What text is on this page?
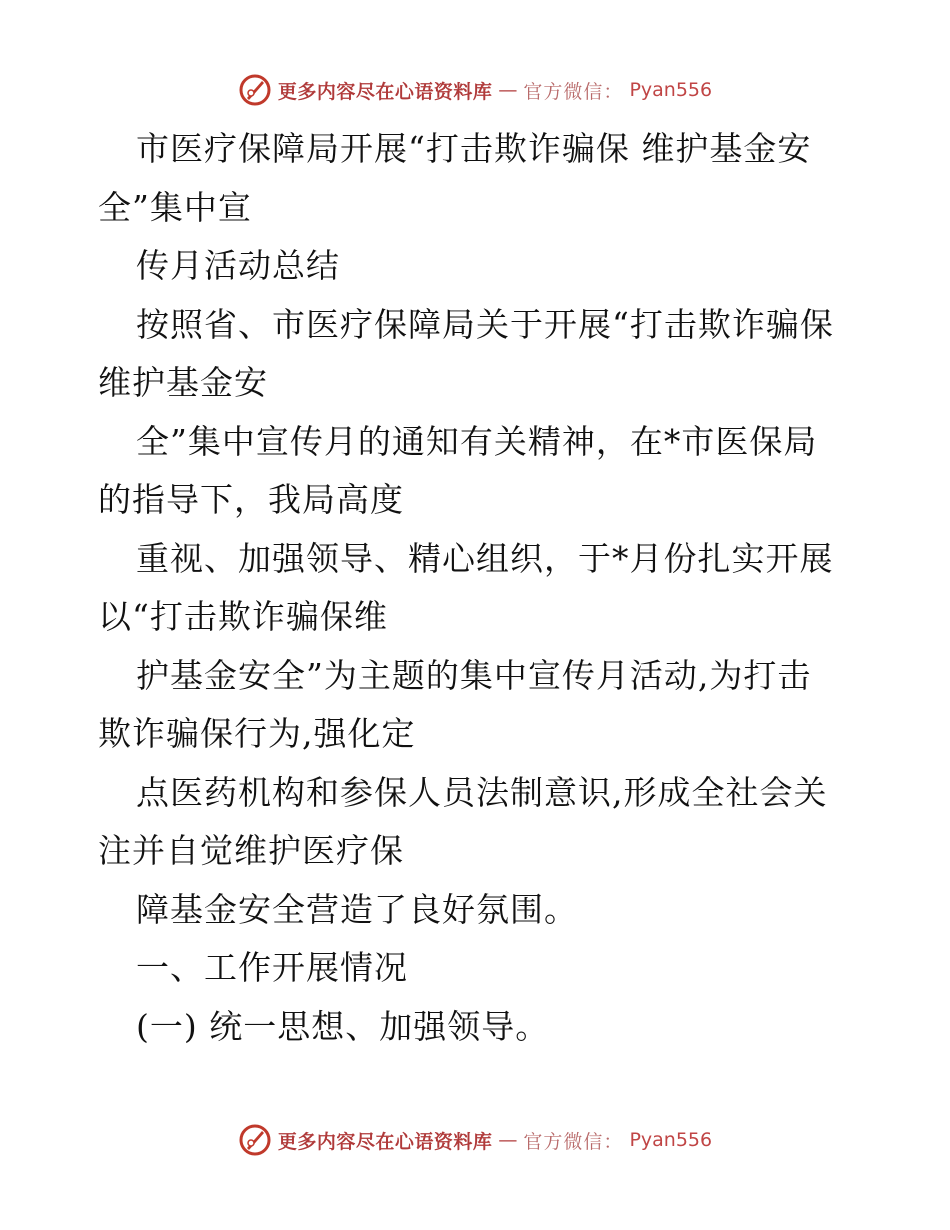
更多内容尽在心语资料库 — 官方微信： Pyan556
市医疗保障局开展“打击欺诈骗保 维护基金安
全”集中宣
传月活动总结
按照省、市医疗保障局关于开展“打击欺诈骗保
维护基金安
全”集中宣传月的通知有关精神，在*市医保局
的指导下，我局高度
重视、加强领导、精心组织，于*月份扎实开展
以“打击欺诈骗保维
护基金安全”为主题的集中宣传月活动,为打击
欺诈骗保行为,强化定
点医药机构和参保人员法制意识,形成全社会关
注并自觉维护医疗保
障基金安全营造了良好氛围。
一、工作开展情况
(一) 统一思想、加强领导。
更多内容尽在心语资料库 — 官方微信： Pyan556
